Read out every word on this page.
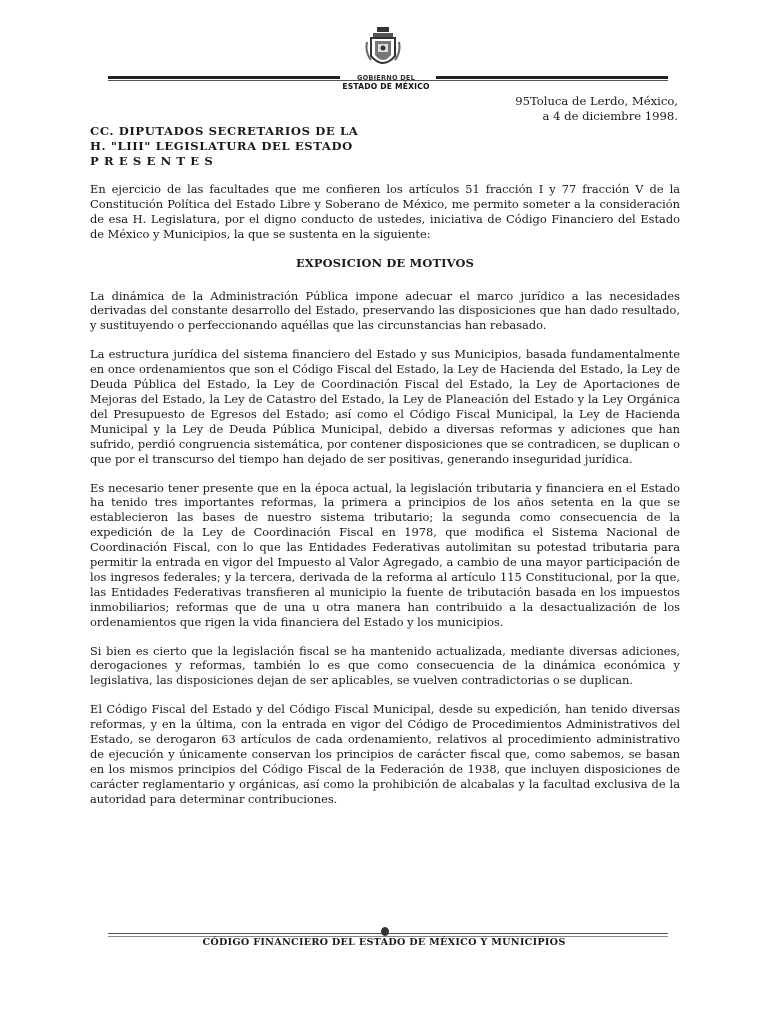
GOBIERNO DEL
ESTADO DE MÉXICO
95Toluca de Lerdo, México,
a 4 de diciembre 1998.
CC. DIPUTADOS SECRETARIOS DE LA
H. "LIII" LEGISLATURA DEL ESTADO
P R E S E N T E S

En ejercicio de las facultades que me confieren los artículos 51 fracción I y 77 fracción V de la Constitución Política del Estado Libre y Soberano de México, me permito someter a la consideración de esa H. Legislatura, por el digno conducto de ustedes, iniciativa de Código Financiero del Estado de México y Municipios, la que se sustenta en la siguiente:

EXPOSICION DE MOTIVOS

La dinámica de la Administración Pública impone adecuar el marco jurídico a las necesidades derivadas del constante desarrollo del Estado, preservando las disposiciones que han dado resultado, y sustituyendo o perfeccionando aquéllas que las circunstancias han rebasado.

La estructura jurídica del sistema financiero del Estado y sus Municipios, basada fundamentalmente en once ordenamientos que son el Código Fiscal del Estado, la Ley de Hacienda del Estado, la Ley de Deuda Pública del Estado, la Ley de Coordinación Fiscal del Estado, la Ley de Aportaciones de Mejoras del Estado, la Ley de Catastro del Estado, la Ley de Planeación del Estado y la Ley Orgánica del Presupuesto de Egresos del Estado; así como el Código Fiscal Municipal, la Ley de Hacienda Municipal y la Ley de Deuda Pública Municipal, debido a diversas reformas y adiciones que han sufrido, perdió congruencia sistemática, por contener disposiciones que se contradicen, se duplican o que por el transcurso del tiempo han dejado de ser positivas, generando inseguridad jurídica.

Es necesario tener presente que en la época actual, la legislación tributaria y financiera en el Estado ha tenido tres importantes reformas, la primera a principios de los años setenta en la que se establecieron las bases de nuestro sistema tributario; la segunda como consecuencia de la expedición de la Ley de Coordinación Fiscal en 1978, que modifica el Sistema Nacional de Coordinación Fiscal, con lo que las Entidades Federativas autolimitan su potestad tributaria para permitir la entrada en vigor del Impuesto al Valor Agregado, a cambio de una mayor participación de los ingresos federales; y la tercera, derivada de la reforma al artículo 115 Constitucional, por la que, las Entidades Federativas transfieren al municipio la fuente de tributación basada en los impuestos inmobiliarios; reformas que de una u otra manera han contribuido a la desactualización de los ordenamientos que rigen la vida financiera del Estado y los municipios.

Si bien es cierto que la legislación fiscal se ha mantenido actualizada, mediante diversas adiciones, derogaciones y reformas, también lo es que como consecuencia de la dinámica económica y legislativa, las disposiciones dejan de ser aplicables, se vuelven contradictorias o se duplican.

El Código Fiscal del Estado y del Código Fiscal Municipal, desde su expedición, han tenido diversas reformas, y en la última, con la entrada en vigor del Código de Procedimientos Administrativos del Estado, se derogaron 63 artículos de cada ordenamiento, relativos al procedimiento administrativo de ejecución y únicamente conservan los principios de carácter fiscal que, como sabemos, se basan en los mismos principios del Código Fiscal de la Federación de 1938, que incluyen disposiciones de carácter reglamentario y orgánicas, así como la prohibición de alcabalas y la facultad exclusiva de la autoridad para determinar contribuciones.

CÓDIGO FINANCIERO DEL ESTADO DE MÉXICO Y MUNICIPIOS
